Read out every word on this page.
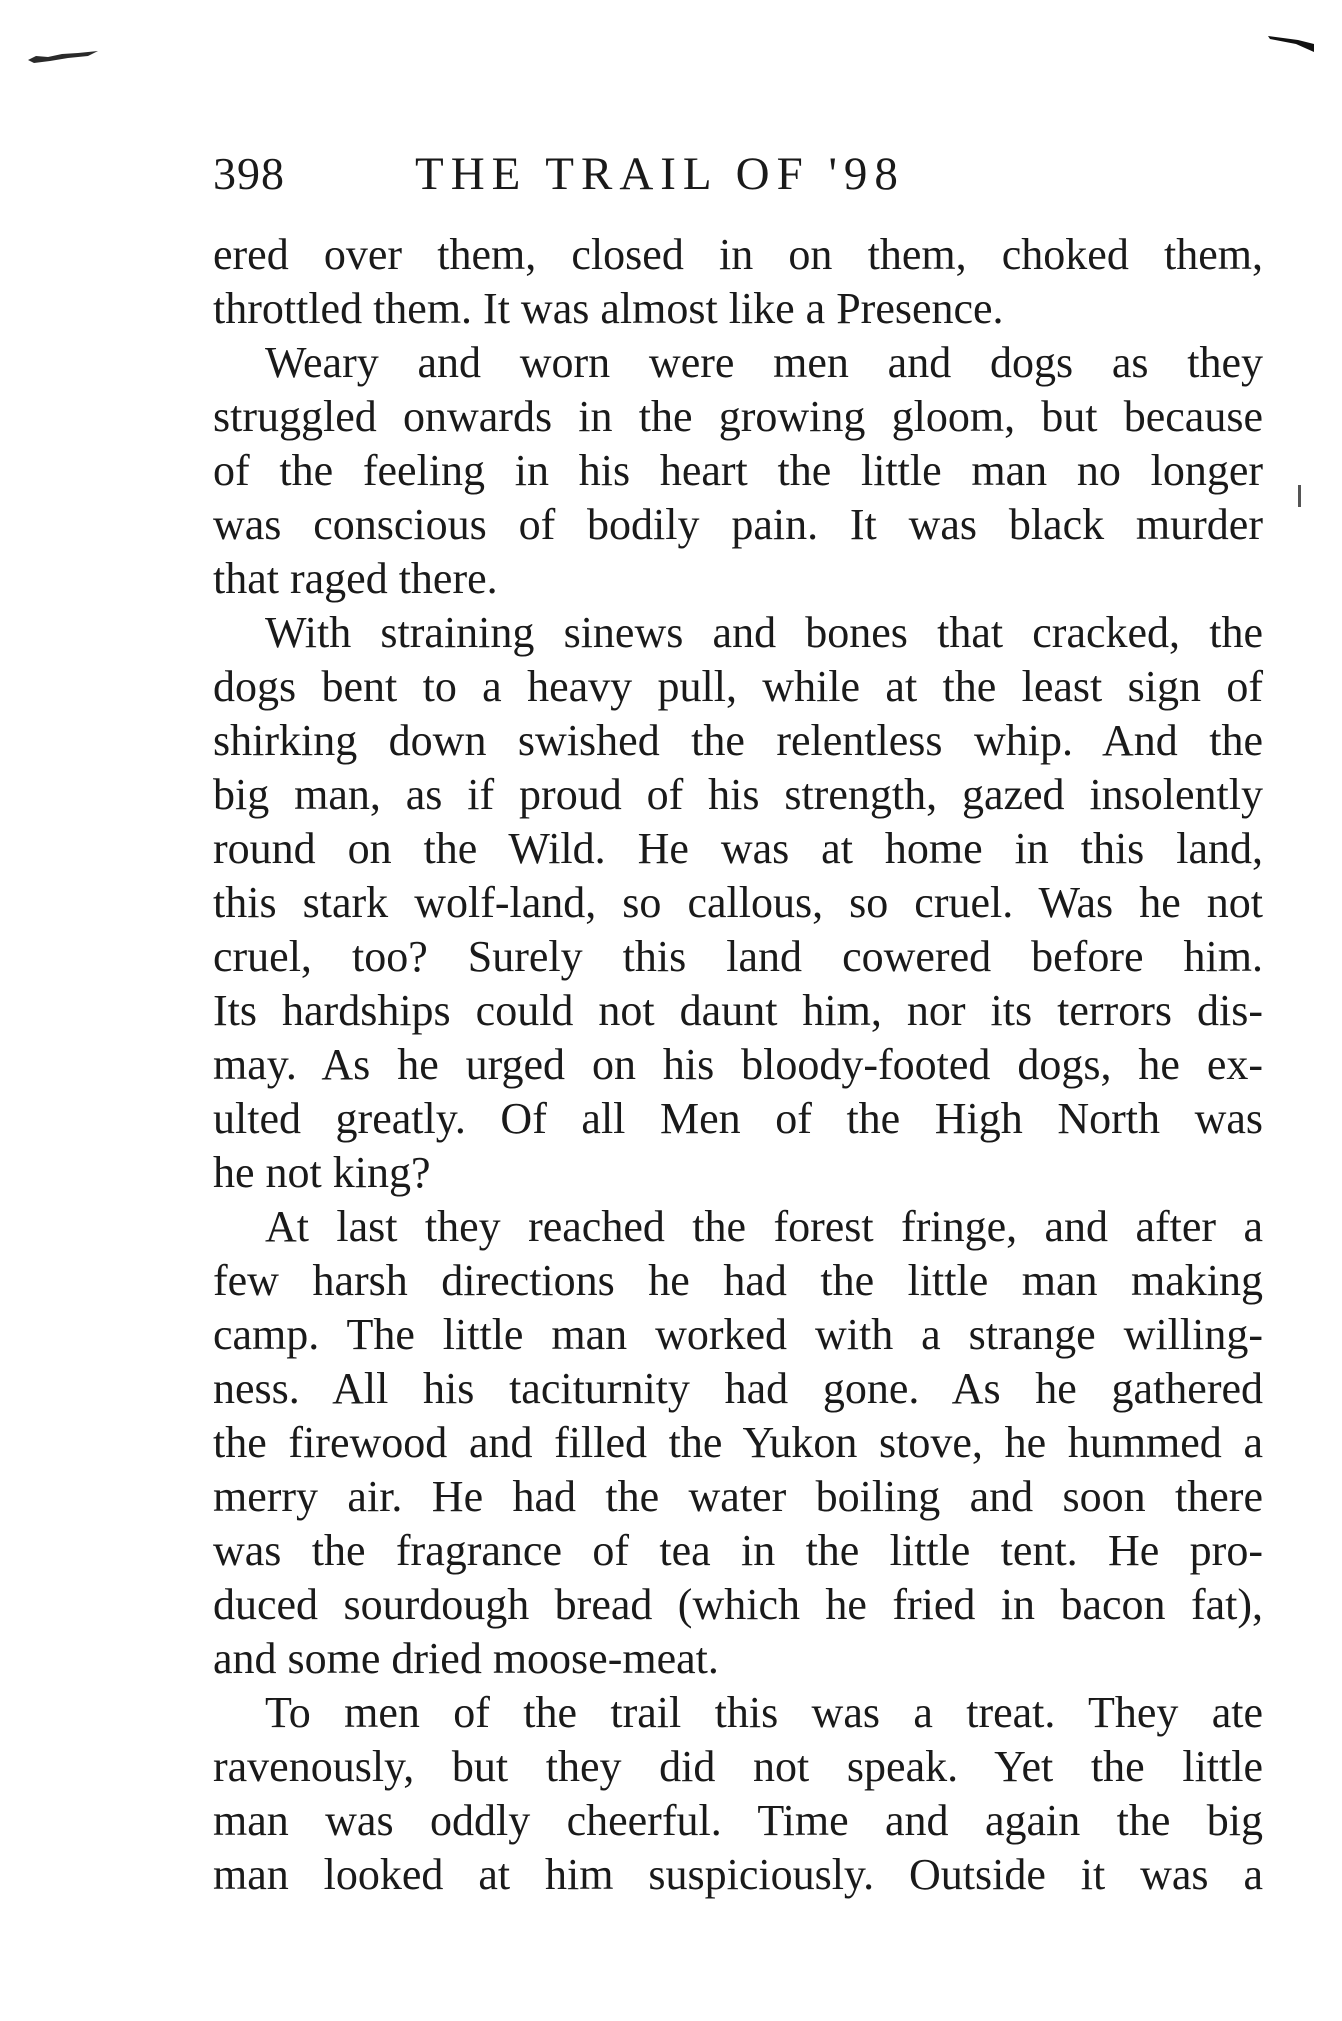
398	THE TRAIL OF '98
ered over them, closed in on them, choked them,
throttled them. It was almost like a Presence.
Weary and worn were men and dogs as they
struggled onwards in the growing gloom, but because
of the feeling in his heart the little man no longer
was conscious of bodily pain. It was black murder
that raged there.
With straining sinews and bones that cracked, the
dogs bent to a heavy pull, while at the least sign of
shirking down swished the relentless whip. And the
big man, as if proud of his strength, gazed insolently
round on the Wild. He was at home in this land,
this stark wolf-land, so callous, so cruel. Was he not
cruel, too? Surely this land cowered before him.
Its hardships could not daunt him, nor its terrors dis-
may. As he urged on his bloody-footed dogs, he ex-
ulted greatly. Of all Men of the High North was
he not king?
At last they reached the forest fringe, and after a
few harsh directions he had the little man making
camp. The little man worked with a strange willing-
ness. All his taciturnity had gone. As he gathered
the firewood and filled the Yukon stove, he hummed a
merry air. He had the water boiling and soon there
was the fragrance of tea in the little tent. He pro-
duced sourdough bread (which he fried in bacon fat),
and some dried moose-meat.
To men of the trail this was a treat. They ate
ravenously, but they did not speak. Yet the little
man was oddly cheerful. Time and again the big
man looked at him suspiciously. Outside it was a
